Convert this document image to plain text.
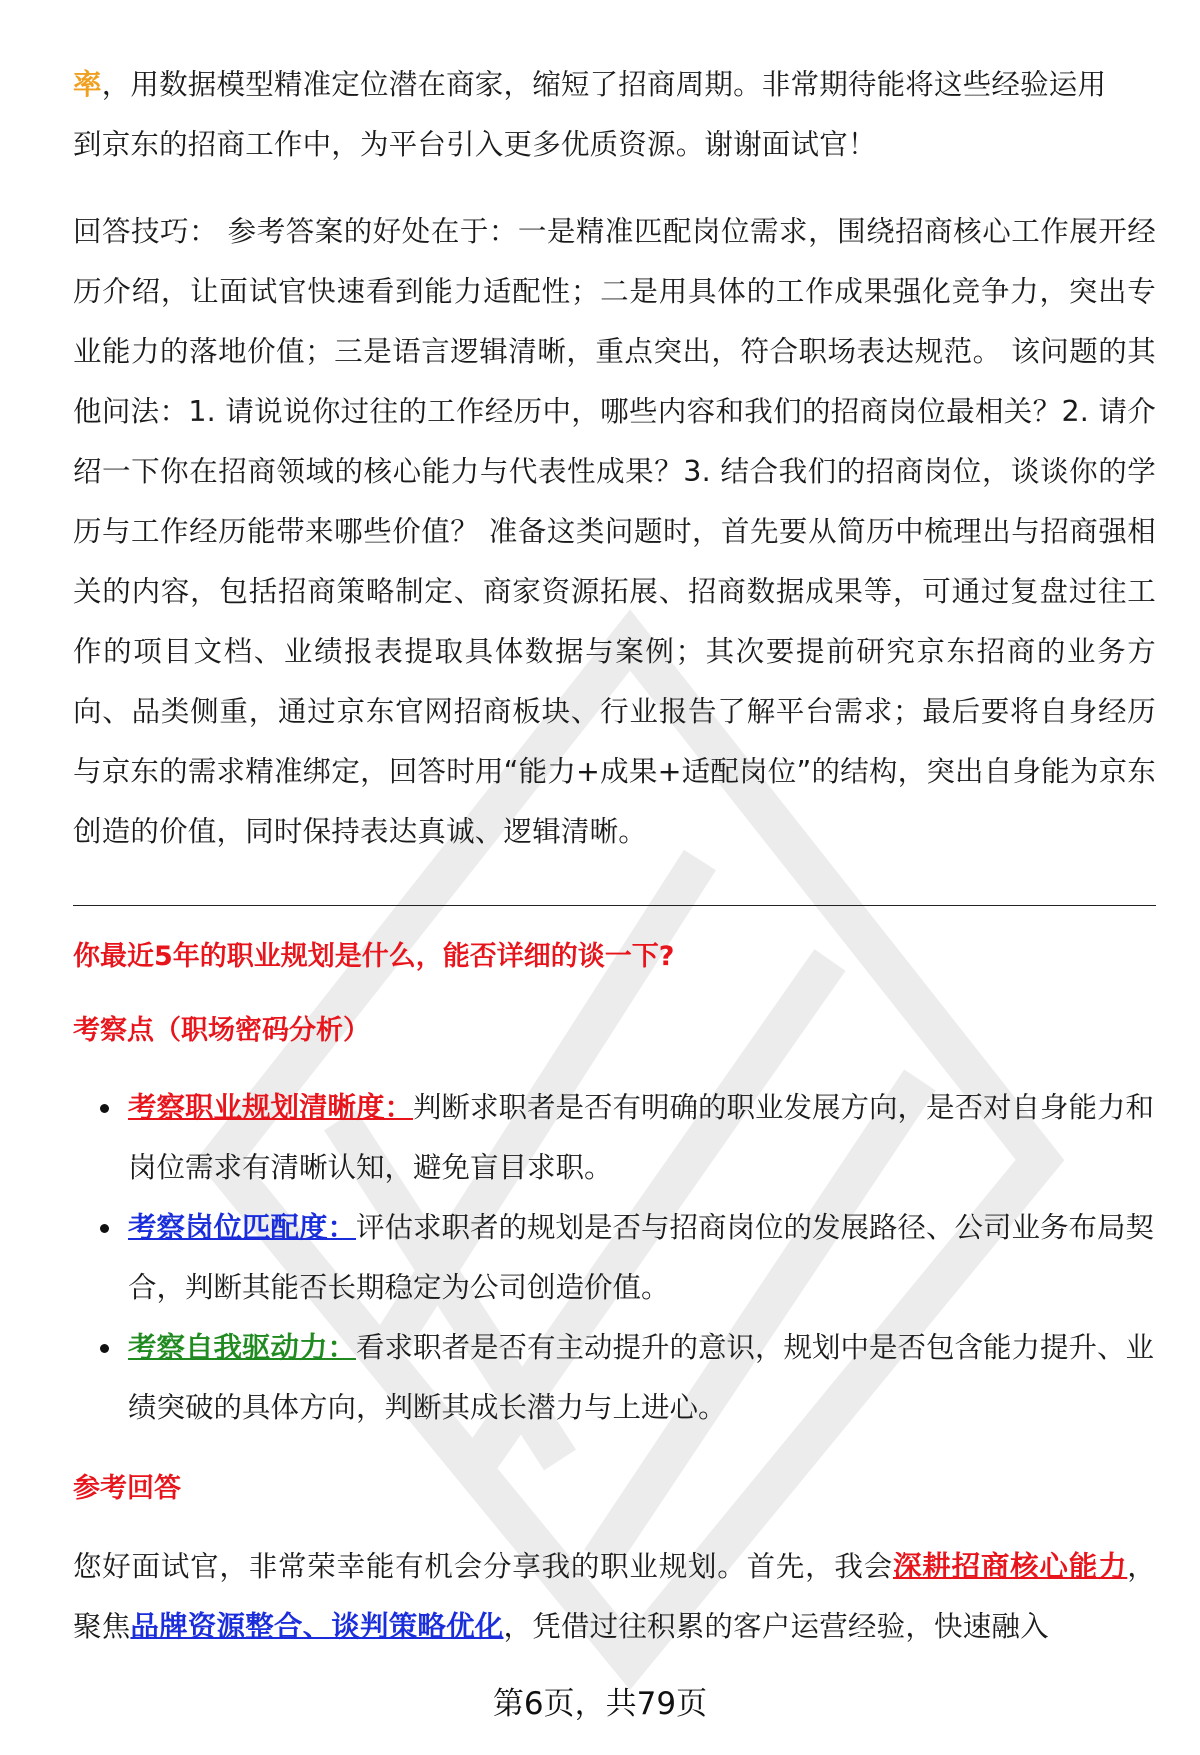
率，用数据模型精准定位潜在商家，缩短了招商周期。非常期待能将这些经验运用

到京东的招商工作中，为平台引入更多优质资源。谢谢面试官！

回答技巧： 参考答案的好处在于：一是精准匹配岗位需求，围绕招商核心工作展开经历介绍，让面试官快速看到能力适配性；二是用具体的工作成果强化竞争力，突出专业能力的落地价值；三是语言逻辑清晰，重点突出，符合职场表达规范。 该问题的其他问法：1. 请说说你过往的工作经历中，哪些内容和我们的招商岗位最相关？2. 请介绍一下你在招商领域的核心能力与代表性成果？3. 结合我们的招商岗位，谈谈你的学历与工作经历能带来哪些价值？ 准备这类问题时，首先要从简历中梳理出与招商强相关的内容，包括招商策略制定、商家资源拓展、招商数据成果等，可通过复盘过往工作的项目文档、业绩报表提取具体数据与案例；其次要提前研究京东招商的业务方向、品类侧重，通过京东官网招商板块、行业报告了解平台需求；最后要将自身经历与京东的需求精准绑定，回答时用“能力+成果+适配岗位”的结构，突出自身能为京东创造的价值，同时保持表达真诚、逻辑清晰。

你最近5年的职业规划是什么，能否详细的谈一下?
考察点（职场密码分析）
考察职业规划清晰度：判断求职者是否有明确的职业发展方向，是否对自身能力和岗位需求有清晰认知，避免盲目求职。
考察岗位匹配度：评估求职者的规划是否与招商岗位的发展路径、公司业务布局契合，判断其能否长期稳定为公司创造价值。
考察自我驱动力：看求职者是否有主动提升的意识，规划中是否包含能力提升、业绩突破的具体方向，判断其成长潜力与上进心。
参考回答

您好面试官，非常荣幸能有机会分享我的职业规划。首先，我会深耕招商核心能力，聚焦品牌资源整合、谈判策略优化，凭借过往积累的客户运营经验，快速融入

第6页，共79页
